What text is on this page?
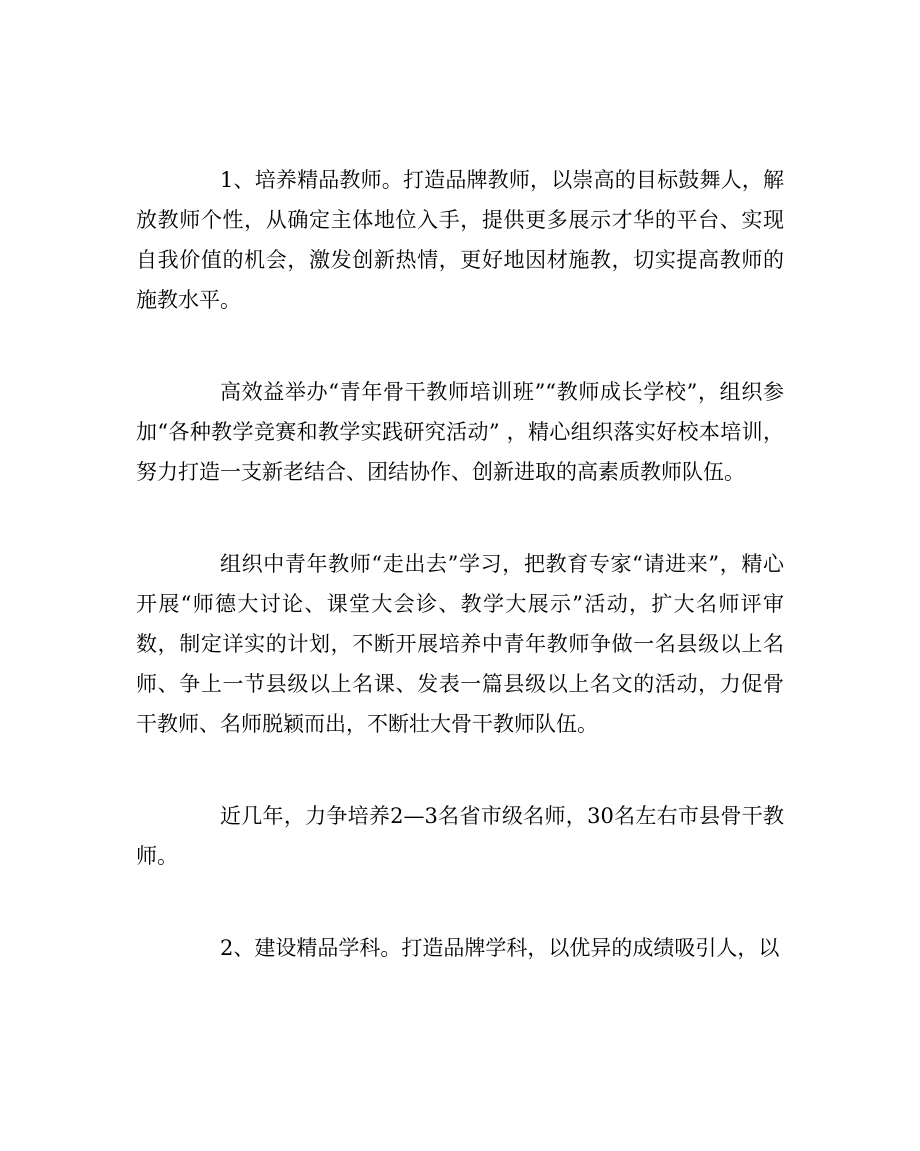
1、培养精品教师。打造品牌教师，以崇高的目标鼓舞人，解放教师个性，从确定主体地位入手，提供更多展示才华的平台、实现自我价值的机会，激发创新热情，更好地因材施教，切实提高教师的施教水平。

高效益举办“青年骨干教师培训班”“教师成长学校”，组织参加“各种教学竞赛和教学实践研究活动” ，精心组织落实好校本培训，努力打造一支新老结合、团结协作、创新进取的高素质教师队伍。

组织中青年教师“走出去”学习，把教育专家“请进来”，精心开展“师德大讨论、课堂大会诊、教学大展示”活动，扩大名师评审数，制定详实的计划，不断开展培养中青年教师争做一名县级以上名师、争上一节县级以上名课、发表一篇县级以上名文的活动，力促骨干教师、名师脱颖而出，不断壮大骨干教师队伍。

近几年，力争培养2—3名省市级名师，30名左右市县骨干教师。

2、建设精品学科。打造品牌学科，以优异的成绩吸引人，以
